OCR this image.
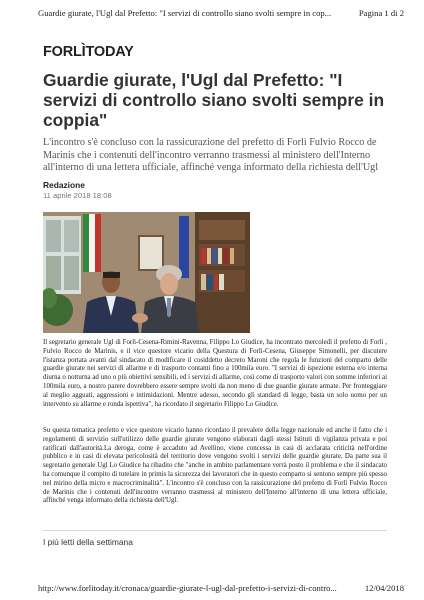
Guardie giurate, l'Ugl dal Prefetto: "I servizi di controllo siano svolti sempre in cop...	Pagina 1 di 2
FORLÌTODAY
Guardie giurate, l'Ugl dal Prefetto: "I servizi di controllo siano svolti sempre in coppia"
L'incontro s'è concluso con la rassicurazione del prefetto di Forlì Fulvio Rocco de Marinis che i contenuti dell'incontro verranno trasmessi al ministero dell'Interno all'interno di una lettera ufficiale, affinché venga informato della richiesta dell'Ugl
Redazione
11 aprile 2018 18:08
Il segretario generale Ugl di Forlì-Cesena-Rimini-Ravenna, Filippo Lo Giudice, ha incontrato mercoledì il prefetto di Forlì , Fulvio Rocco de Marinis, e il vice questore vicario della Questura di Forlì-Cesena, Giuseppe Simonelli, per discutere l'istanza portata avanti dal sindacato di modificare il cosiddetto decreto Maroni che regola le funzioni del comparto delle guardie giurate nei servizi di allarme e di trasporto contanti fino a 100mila euro. "I servizi di ispezione esterna e/o interna diurna o notturna ad uno o più obiettivi sensibili, ed i servizi di allarme, così come di trasporto valori con somme inferiori ai 100mila euro, a nostro parere dovrebbero essere sempre svolti da non meno di due guardie giurate armate. Per fronteggiare al meglio agguati, aggressioni e intimidazioni. Mentre adesso, secondo gli standard di legge, basta un solo uomo per un intervento su allarme e ronda ispettiva", ha ricordato il segretario Filippo Lo Giudice.
Su questa tematica prefetto e vice questore vicario hanno ricordato il prevalere della legge nazionale ed anche il fatto che i regolamenti di servizio sull'utilizzo delle guardie giurate vengono elaborati dagli stessi Istituti di vigilanza privata e poi ratificati dall'autorità.La deroga, come è accaduto ad Avellino, viene concessa in casi di acclarata criticità nell'ordine pubblico e in casi di elevata pericolosità del territorio dove vengono svolti i servizi delle guardie giurate. Da parte sua il segretario generale Ugl Lo Giudice ha ribadito che "anche in ambito parlamentare verrà posto il problema e che il sindacato ha comunque il compito di tutelare in primis la sicurezza dei lavoratori che in questo comparto si sentono sempre più spesso nel mirino della micro e macrocriminalità". L'incontro s'è concluso con la rassicurazione del prefetto di Forlì Fulvio Rocco de Marinis che i contenuti dell'incontro verranno trasmessi al ministero dell'Interno all'interno di una lettera ufficiale, affinché venga informato della richiesta dell'Ugl.
I più letti della settimana
http://www.forlitoday.it/cronaca/guardie-giurate-l-ugl-dal-prefetto-i-servizi-di-contro...	12/04/2018
